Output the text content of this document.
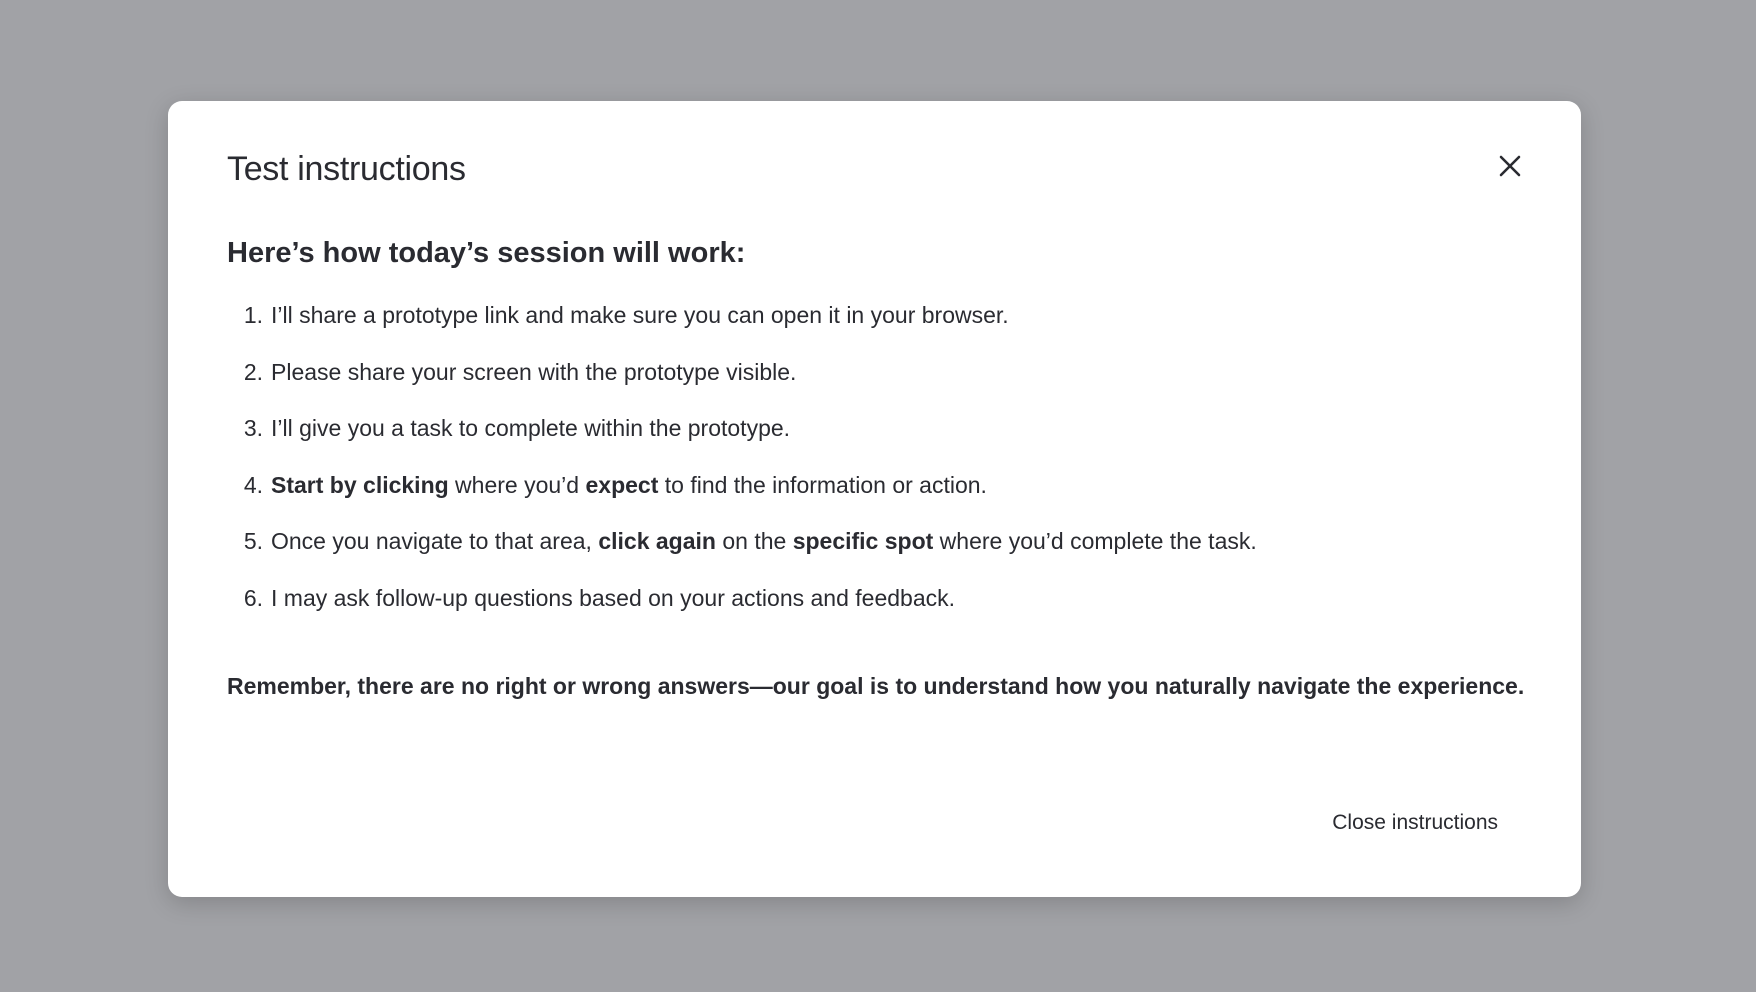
Test instructions
Here’s how today’s session will work:
1. I’ll share a prototype link and make sure you can open it in your browser.
2. Please share your screen with the prototype visible.
3. I’ll give you a task to complete within the prototype.
4. Start by clicking where you’d expect to find the information or action.
5. Once you navigate to that area, click again on the specific spot where you’d complete the task.
6. I may ask follow-up questions based on your actions and feedback.

Remember, there are no right or wrong answers—our goal is to understand how you naturally navigate the experience.

Close instructions
